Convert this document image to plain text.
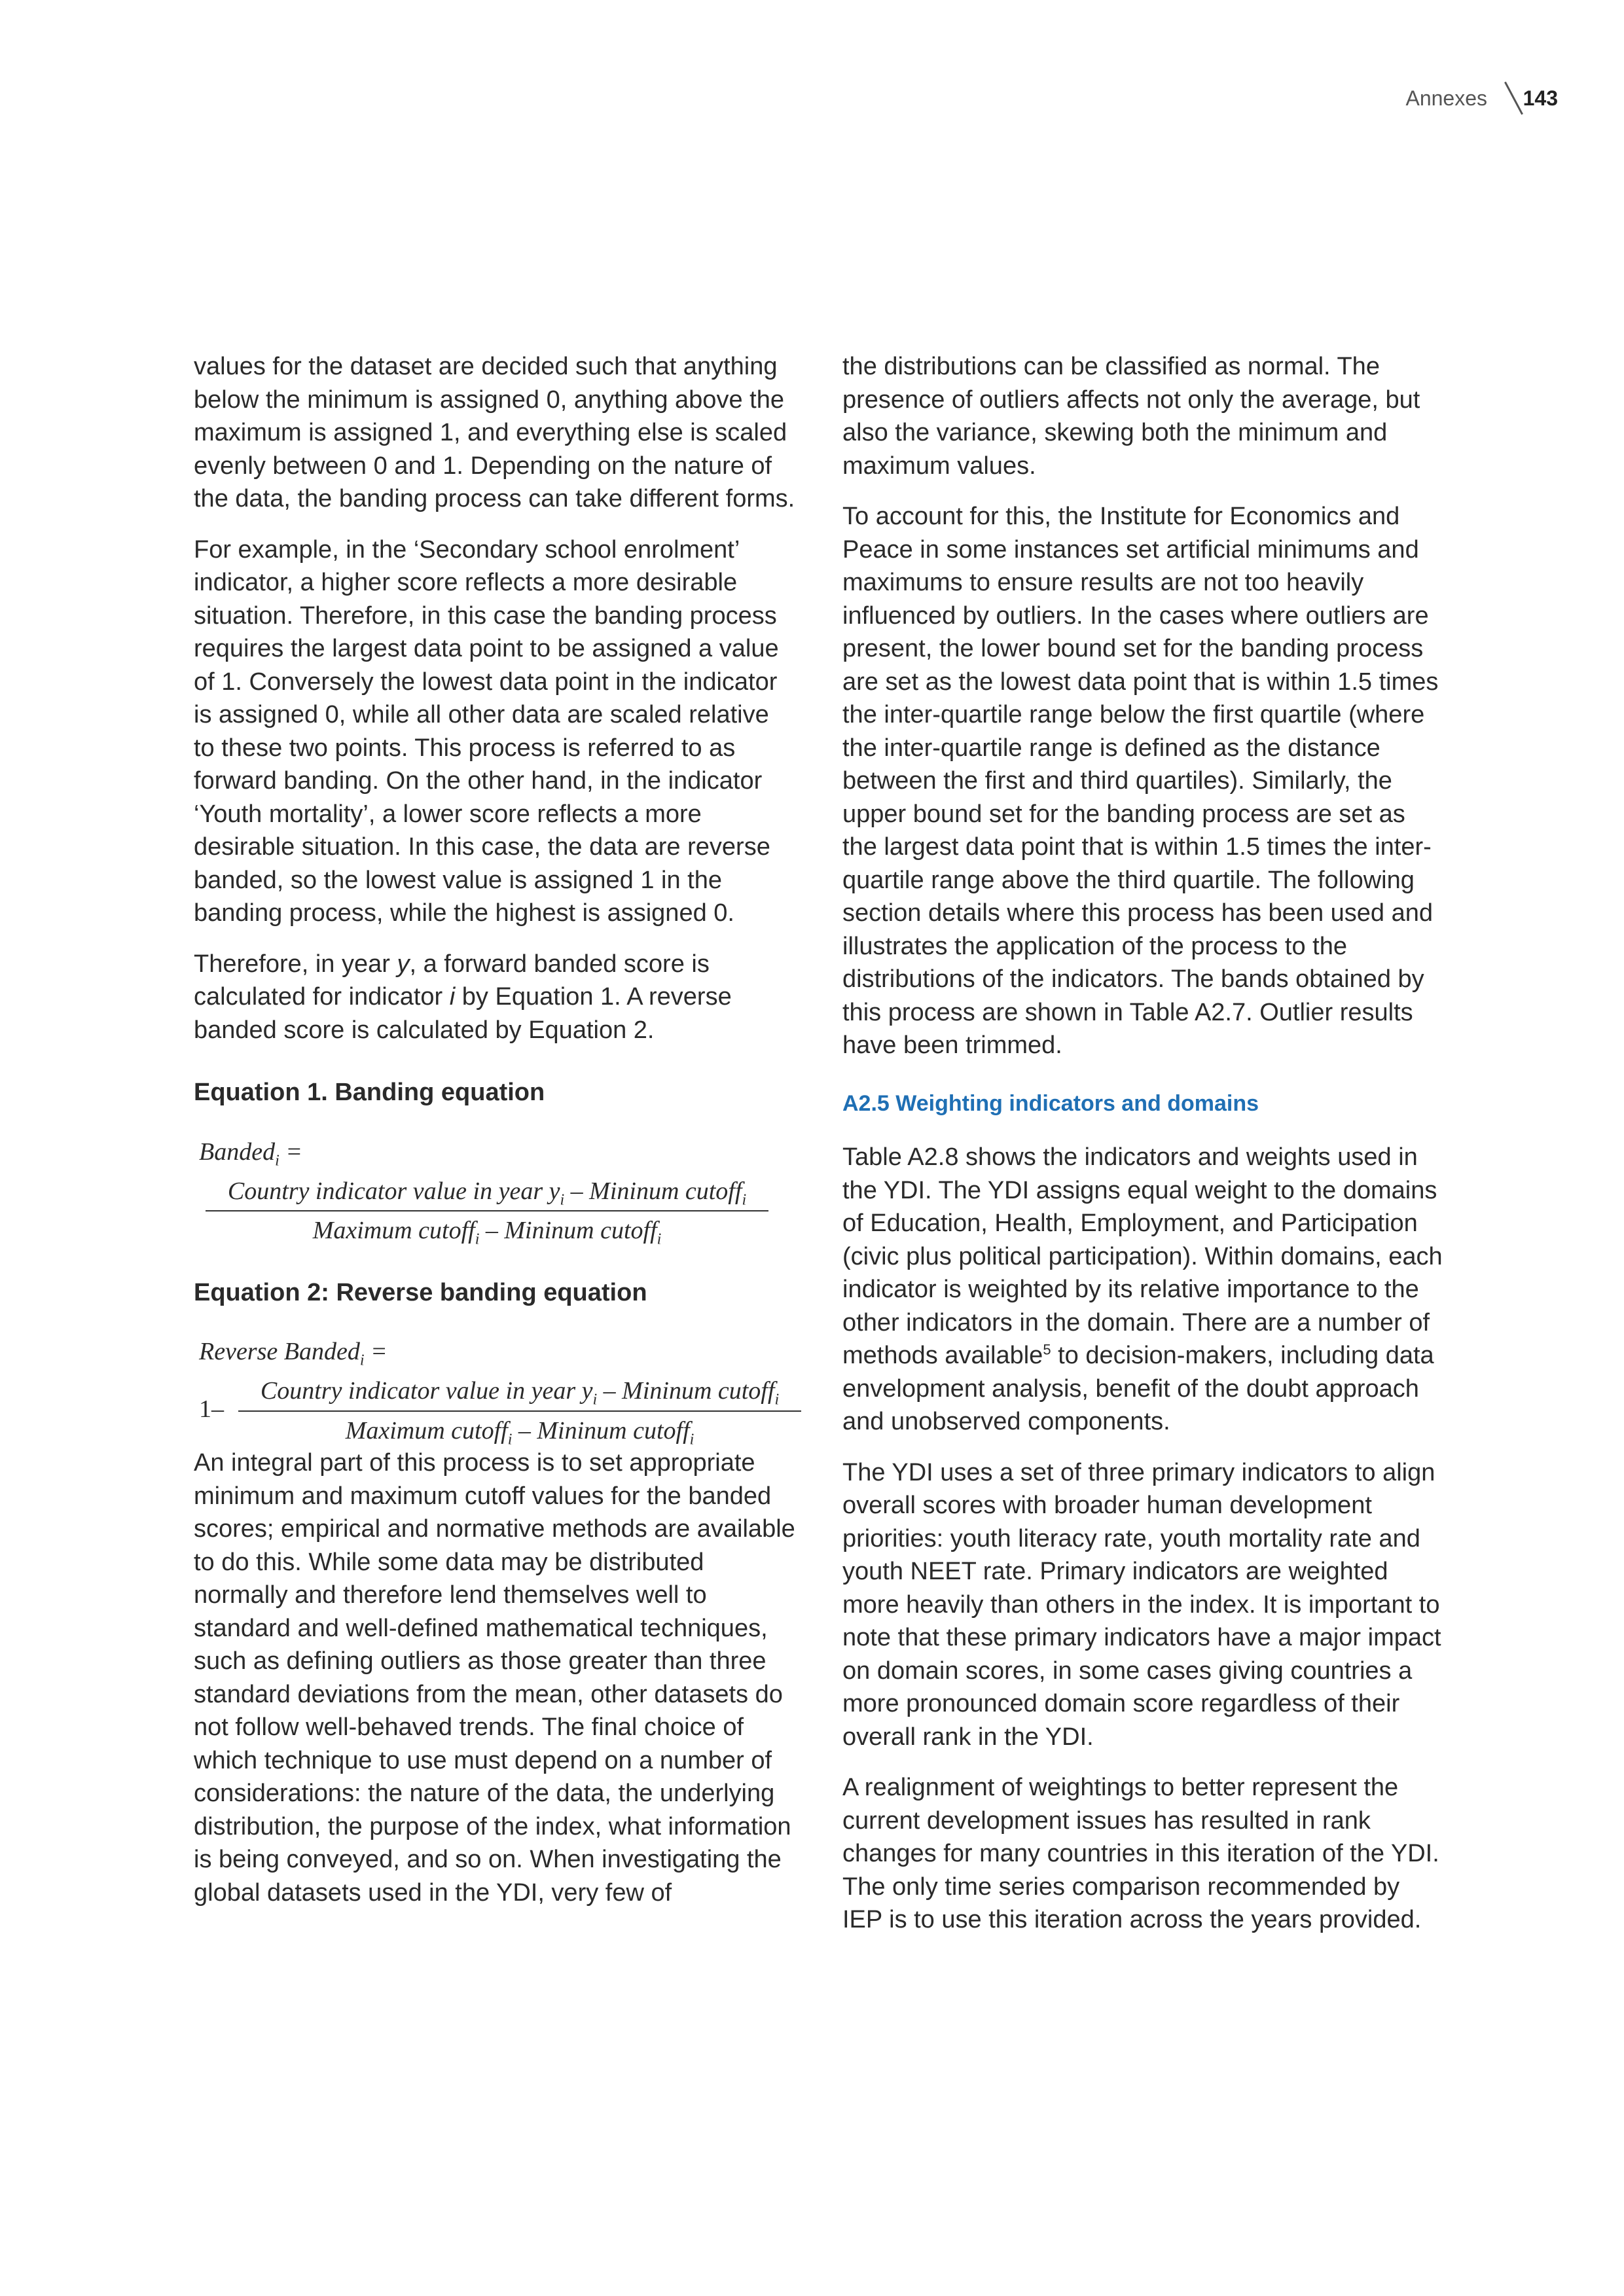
Annexes 143

values for the dataset are decided such that anything below the minimum is assigned 0, anything above the maximum is assigned 1, and everything else is scaled evenly between 0 and 1. Depending on the nature of the data, the banding process can take different forms.

For example, in the ‘Secondary school enrolment’ indicator, a higher score reflects a more desirable situation. Therefore, in this case the banding process requires the largest data point to be assigned a value of 1. Conversely the lowest data point in the indicator is assigned 0, while all other data are scaled relative to these two points. This process is referred to as forward banding. On the other hand, in the indicator ‘Youth mortality’, a lower score reflects a more desirable situation. In this case, the data are reverse banded, so the lowest value is assigned 1 in the banding process, while the highest is assigned 0.

Therefore, in year y, a forward banded score is calculated for indicator i by Equation 1. A reverse banded score is calculated by Equation 2.

Equation 1. Banding equation
Banded$_i$ =
Country indicator value in year $y_i$ – Mininum cutoff$_i$
Maximum cutoff$_i$ – Mininum cutoff$_i$
Equation 2: Reverse banding equation
Reverse Banded$_i$ =
1–
Country indicator value in year $y_i$ – Mininum cutoff$_i$
Maximum cutoff$_i$ – Mininum cutoff$_i$

An integral part of this process is to set appropriate minimum and maximum cutoff values for the banded scores; empirical and normative methods are available to do this. While some data may be distributed normally and therefore lend themselves well to standard and well-defined mathematical techniques, such as defining outliers as those greater than three standard deviations from the mean, other datasets do not follow well-behaved trends. The final choice of which technique to use must depend on a number of considerations: the nature of the data, the underlying distribution, the purpose of the index, what information is being conveyed, and so on. When investigating the global datasets used in the YDI, very few of

the distributions can be classified as normal. The presence of outliers affects not only the average, but also the variance, skewing both the minimum and maximum values.

To account for this, the Institute for Economics and Peace in some instances set artificial minimums and maximums to ensure results are not too heavily influenced by outliers. In the cases where outliers are present, the lower bound set for the banding process are set as the lowest data point that is within 1.5 times the inter-quartile range below the first quartile (where the inter-quartile range is defined as the distance between the first and third quartiles). Similarly, the upper bound set for the banding process are set as the largest data point that is within 1.5 times the inter-quartile range above the third quartile. The following section details where this process has been used and illustrates the application of the process to the distributions of the indicators. The bands obtained by this process are shown in Table A2.7. Outlier results have been trimmed.

A2.5 Weighting indicators and domains

Table A2.8 shows the indicators and weights used in the YDI. The YDI assigns equal weight to the domains of Education, Health, Employment, and Participation (civic plus political participation). Within domains, each indicator is weighted by its relative importance to the other indicators in the domain. There are a number of methods available$^5$ to decision-makers, including data envelopment analysis, benefit of the doubt approach and unobserved components.

The YDI uses a set of three primary indicators to align overall scores with broader human development priorities: youth literacy rate, youth mortality rate and youth NEET rate. Primary indicators are weighted more heavily than others in the index. It is important to note that these primary indicators have a major impact on domain scores, in some cases giving countries a more pronounced domain score regardless of their overall rank in the YDI.

A realignment of weightings to better represent the current development issues has resulted in rank changes for many countries in this iteration of the YDI. The only time series comparison recommended by IEP is to use this iteration across the years provided.
